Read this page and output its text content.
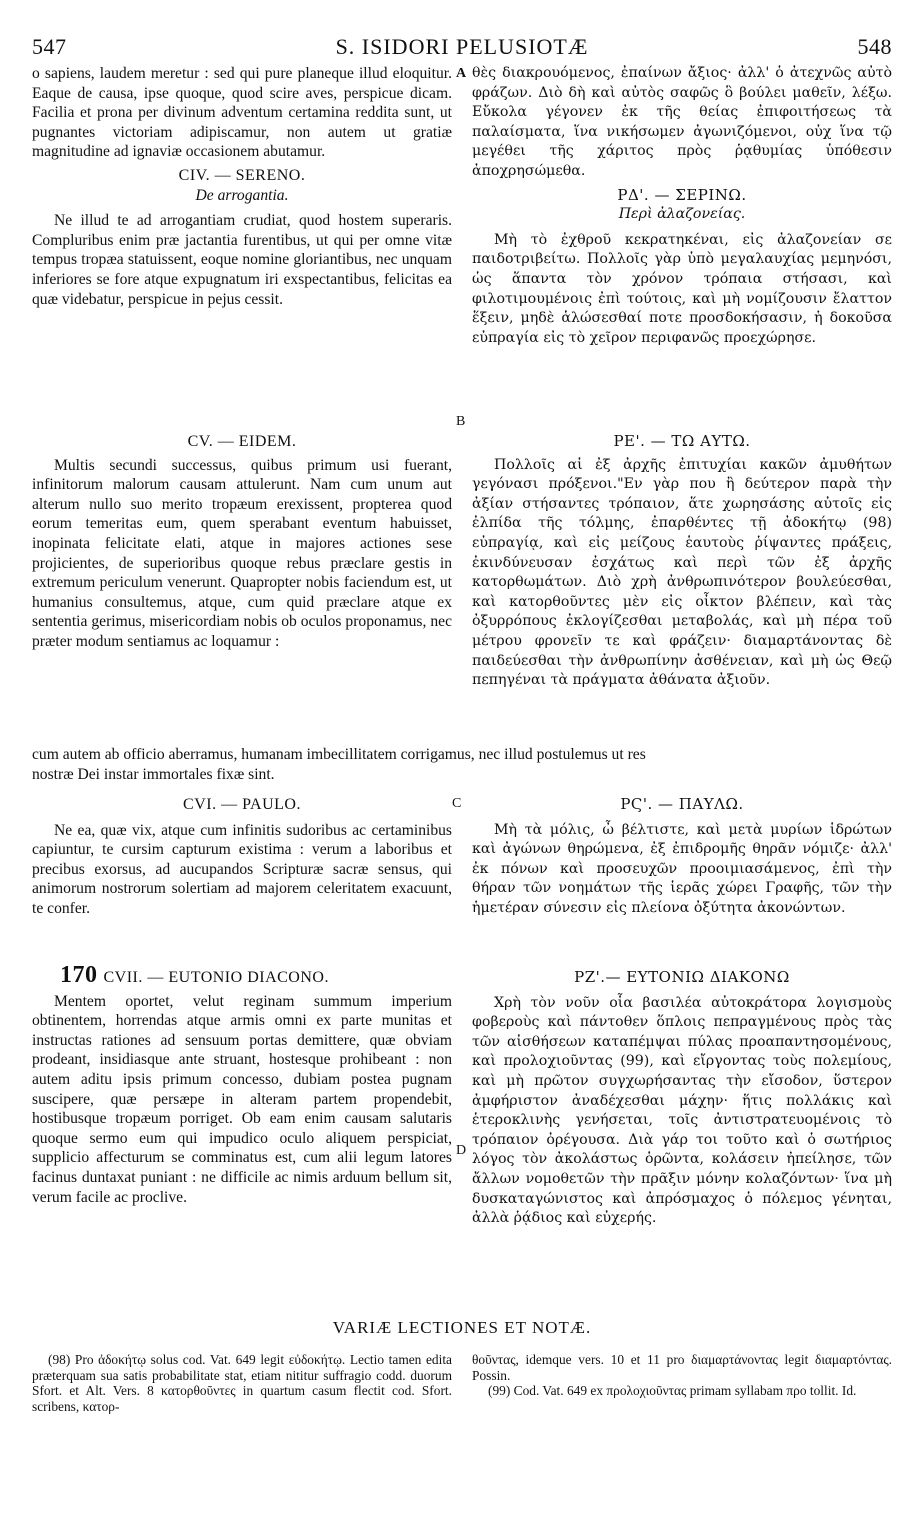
547	S. ISIDORI PELUSIOTÆ	548

o sapiens, laudem meretur : sed qui pure planeque illud eloquitur. Eaque de causa, ipse quoque, quod scire aves, perspicue dicam. Facilia et prona per divinum adventum certamina reddita sunt, ut pugnantes victoriam adipiscamur, non autem ut gratiæ magnitudine ad ignaviæ occasionem abutamur.

CIV. — SERENO.

De arrogantia.

Ne illud te ad arrogantiam crudiat, quod hostem superaris. Compluribus enim præ jactantia furentibus, ut qui per omne vitæ tempus tropæa statuissent, eoque nomine gloriantibus, nec unquam inferiores se fore atque expugnatum iri exspectantibus, felicitas ea quæ videbatur, perspicue in pejus cessit.

CV. — EIDEM.

Multis secundi successus, quibus primum usi fuerant, infinitorum malorum causam attulerunt. Nam cum unum aut alterum nullo suo merito tropæum erexissent, propterea quod eorum temeritas eum, quem sperabant eventum habuisset, inopinata felicitate elati, atque in majores actiones sese projicientes, de superioribus quoque rebus præclare gestis in extremum periculum venerunt. Quapropter nobis faciendum est, ut humanius consultemus, atque, cum quid præclare atque ex sententia gerimus, misericordiam nobis ob oculos proponamus, nec præter modum sentiamus ac loquamur :

θὲς διακρουόμενος, ἐπαίνων ἄξιος· ἀλλ' ὁ ἀτεχνῶς αὐτὸ φράζων. Διὸ δὴ καὶ αὐτὸς σαφῶς ὃ βούλει μαθεῖν, λέξω. Εὔκολα γέγονεν ἐκ τῆς θείας ἐπιφοιτήσεως τὰ παλαίσματα, ἵνα νικήσωμεν ἀγωνιζόμενοι, οὐχ ἵνα τῷ μεγέθει τῆς χάριτος πρὸς ῥᾳθυμίας ὑπόθεσιν ἀποχρησώμεθα.

ΡΔ'. — ΣΕΡΙΝΩ.

Περὶ ἀλαζονείας.

Μὴ τὸ ἐχθροῦ κεκρατηκέναι, εἰς ἀλαζονείαν σε παιδοτριβείτω. Πολλοῖς γὰρ ὑπὸ μεγαλαυχίας μεμηνόσι, ὡς ἅπαντα τὸν χρόνον τρόπαια στήσασι, καὶ φιλοτιμουμένοις ἐπὶ τούτοις, καὶ μὴ νομίζουσιν ἔλαττον ἕξειν, μηδὲ ἁλώσεσθαί ποτε προσδοκήσασιν, ἡ δοκοῦσα εὐπραγία εἰς τὸ χεῖρον περιφανῶς προεχώρησε.

ΡΕ'. — ΤΩ ΑΥΤΩ.

Πολλοῖς αἱ ἐξ ἀρχῆς ἐπιτυχίαι κακῶν ἀμυθήτων γεγόνασι πρόξενοι."Εν γὰρ που ἢ δεύτερον παρὰ τὴν ἀξίαν στήσαντες τρόπαιον, ἅτε χωρησάσης αὐτοῖς εἰς ἐλπίδα τῆς τόλμης, ἐπαρθέντες τῇ ἀδοκήτῳ (98) εὐπραγίᾳ, καὶ εἰς μείζους ἑαυτοὺς ῥίψαντες πράξεις, ἐκινδύνευσαν ἐσχάτως καὶ περὶ τῶν ἐξ ἀρχῆς κατορθωμάτων. Διὸ χρὴ ἀνθρωπινότερον βουλεύεσθαι, καὶ κατορθοῦντες μὲν εἰς οἶκτον βλέπειν, καὶ τὰς ὀξυρρόπους ἐκλογίζεσθαι μεταβολάς, καὶ μὴ πέρα τοῦ μέτρου φρονεῖν τε καὶ φράζειν· διαμαρτάνοντας δὲ παιδεύεσθαι τὴν ἀνθρωπίνην ἀσθένειαν, καὶ μὴ ὡς Θεῷ πεπηγέναι τὰ πράγματα ἀθάνατα ἀξιοῦν.

cum autem ab officio aberramus, humanam imbecillitatem corrigamus, nec illud postulemus ut res
nostræ Dei instar immortales fixæ sint.

CVI. — PAULO.

Ne ea, quæ vix, atque cum infinitis sudoribus ac certaminibus capiuntur, te cursim capturum existima : verum a laboribus et precibus exorsus, ad aucupandos Scripturæ sacræ sensus, qui animorum nostrorum solertiam ad majorem celeritatem exacuunt, te confer.

ΡϚ'. — ΠΑΥΛΩ.

Μὴ τὰ μόλις, ὦ βέλτιστε, καὶ μετὰ μυρίων ἱδρώτων καὶ ἀγώνων θηρώμενα, ἐξ ἐπιδρομῆς θηρᾶν νόμιζε· ἀλλ' ἐκ πόνων καὶ προσευχῶν προοιμιασάμενος, ἐπὶ τὴν θήραν τῶν νοημάτων τῆς ἱερᾶς χώρει Γραφῆς, τῶν τὴν ἡμετέραν σύνεσιν εἰς πλείονα ὀξύτητα ἀκονώντων.

170 CVII. — EUTONIO DIACONO.

Mentem oportet, velut reginam summum imperium obtinentem, horrendas atque armis omni ex parte munitas et instructas rationes ad sensuum portas demittere, quæ obviam prodeant, insidiasque ante struant, hostesque prohibeant : non autem aditu ipsis primum concesso, dubiam postea pugnam suscipere, quæ persæpe in alteram partem propendebit, hostibusque tropæum porriget. Ob eam enim causam salutaris quoque sermo eum qui impudico oculo aliquem perspiciat, supplicio affecturum se comminatus est, cum alii legum latores facinus duntaxat puniant : ne difficile ac nimis arduum bellum sit, verum facile ac proclive.

ΡΖ'.— ΕΥΤΟΝΙΩ ΔΙΑΚΟΝΩ

Χρὴ τὸν νοῦν οἷα βασιλέα αὐτοκράτορα λογισμοὺς φοβεροὺς καὶ πάντοθεν ὅπλοις πεπραγμένους πρὸς τὰς τῶν αἰσθήσεων καταπέμψαι πύλας προαπαντησομένους, καὶ προλοχιοῦντας (99), καὶ εἴργοντας τοὺς πολεμίους, καὶ μὴ πρῶτον συγχωρήσαντας τὴν εἴσοδον, ὕστερον ἀμφήριστον ἀναδέχεσθαι μάχην· ἥτις πολλάκις καὶ ἑτεροκλινὴς γενήσεται, τοῖς ἀντιστρατευομένοις τὸ τρόπαιον ὀρέγουσα. Διὰ γάρ τοι τοῦτο καὶ ὁ σωτήριος λόγος τὸν ἀκολάστως ὁρῶντα, κολάσειν ἠπείλησε, τῶν ἄλλων νομοθετῶν τὴν πρᾶξιν μόνην κολαζόντων· ἵνα μὴ δυσκαταγώνιστος καὶ ἀπρόσμαχος ὁ πόλεμος γένηται, ἀλλὰ ῥᾴδιος καὶ εὐχερής.

A
B
C
D
VARIÆ LECTIONES ET NOTÆ.

(98) Pro ἀδοκήτῳ solus cod. Vat. 649 legit εὐδοκήτῳ. Lectio tamen edita præterquam sua satis probabilitate stat, etiam nititur suffragio codd. duorum Sfort. et Alt. Vers. 8 κατορθοῦντες in quartum casum flectit cod. Sfort. scribens, κατορ-

θοῦντας, idemque vers. 10 et 11 pro διαμαρτάνοντας legit διαμαρτόντας. Possin.

(99) Cod. Vat. 649 ex προλοχιοῦντας primam syllabam προ tollit. Id.
